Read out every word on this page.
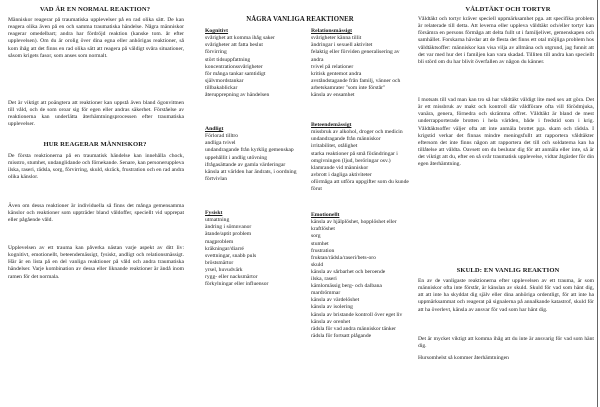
VAD ÄR EN NORMAL REAKTION?

Människor reagerar på traumatiska upplevelser på en rad olika sätt. De kan reagera olika även på en och samma traumatiska händelse. Några människor reagerar omedelbart; andra har fördröjd reaktion (kanske tom. år efter upplevelsen). Om du är orolig över dina egna eller anhörigas reaktioner, så kom ihåg att det finns en rad olika sätt att reagera på väldigt svåra situationer, såsom krigets fasor, som anses som normalt.

Det är viktigt att poängtera att reaktioner kan uppstå även bland ögonvittnen till våld, och de som oroar sig för egen eller andras säkerhet. Förståelse av reaktionerna kan underlätta återhämtningsprocessen efter traumatiska upplevelser.

HUR REAGERAR MÄNNISKOR?

De första reaktionerna på en traumatisk händelse kan innehålla chock, misstro, stumhet, undanglidande och förnekande. Senare, kan personerupplevа ilska, raseri, rädsla, sorg, förvirring, skuld, skräck, frustration och en rad andra olika känslor.

Även om dessa reaktioner är individuella så finns det många gemensamma känslor och reaktioner som uppträder bland våldoffer, speciellt vid upprepat eller pågående våld.

Upplevelsen av ett trauma kan påverka nästan varje aspekt av ditt liv: kognitivt, emotionellt, beteendemässigt, fysiskt, andligt och relationsmässigt. Här är en lista på en del vanliga reaktioner på våld och andra traumatiska händelser. Varje kombination av dessa eller liknande reaktioner är ändå inom ramen för det normala.

NÅGRA VANLIGA REAKTIONER
Kognitivt
svårighet att komma ihåg saker
svårigheter att fatta beslut
förvirring
stört tidsuppfattning
koncentrationssvårigheter
för många tankar samtidigt
självmordstankar
tillbakablickar
återupprepning av händelsen
Andligt
Förlorad tilltro
andliga tvivel
undandragande från kyrklig gemenskap
uppehållit i andlig utövning
ifrågasättande av gamla värderingar
känsla att världen har ändrats, i oordning
förtvivlan
Fysiskt
utmattning
ändring i sömnvanor
ätande/aptit problem
magproblem
kräkningar/diarré
svettningar, snabb puls
bröstsmärtor
yrsel, huvudvärk
rygg- eller nacksmärtor
förkylningar eller influensor
Relationsmässigt
svårigheter känna tillit
ändringar i sexuell aktivitet
felaktig eller förviden generalisering av andra
tvivel på relationer
kritisk gentemot andra
avståndstagande från familj, vänner och arbetskamrater "som inte förstår"
känsla av ensamhet
Beteendemässigt
missbruk av alkohol, droger och medicin
undandragande från människor
irritabilitet, otålighet
starka reaktioner på små förändringar i omgivningen (ljud, beröringar osv.)
klamrande vid människor
avbrott i dagliga aktiviteter
oförmåga att utföra uppgifter som du kunde förut
Emotionellt
känsla av hjälplöshet, hopplöshet eller kraftlöshet
sorg
stumhet
frustration
fruktan/rädsla/raseri/bets-oro
skuld
känsla av sårbarhet och beroende
ilska, raseri
kämlomässig berg- och dalbana
mardrömmar
känsla av värdelöshet
känsla av isolering
känsla av bristande kontroll över eget liv
känsla av orenhet
rädsla för vad andra människor tänker
rädsla för fortsatt plågande
VÅLDTÄKT OCH TORTYR

Våldtäkt och tortyr kräver speciell uppmärksamhet pga. att specifika problem är relaterade till detta. Att leverna eller uppleva våldtäkt och/eller tortyr kan försämra en persons förmåga att delta fullt ut i familjelivet, gemenskapen och samhället. Forskarna hävdar att de flesta det finns ett otal möjliga problem hos våldtäktsoffer: människor kan visa vilja av allmäna och utgrund, jag funnit att det var med hur det i familjen kan vara skadad. Tilliten till andra kan speciellt bli störd om du har blivit överfallen av någon du känner.

I motsats till vad man kan tro så har våldtäkt våldigt lite med sex att göra. Det är ett missbruk av makt och kontroll där våldförare ofta vill förödmjuka, vanära, genera, förnedra och skrämma offret. Våldtäkt är bland de mest underrapporterade brotten i hela världen, både i fredstid som i krig. Våldtäktsoffer väljer ofta att inte anmäla brottet pga. skam och rädsla. I krigstid verkar det finnas mindre meningsfullt att rapportera våldtäkter eftersom det inte finns någon att rapportera det till och soldaterna kan ha tillåtelse att våldta. Oavsett om du beslutar dig för att anmäla eller inte, så är det viktigt att du, efter en så svår traumatisk upplevelse, vidtar åtgärder för din egen återhämtning.

SKULD: EN VANLIG REAKTION

En av de vanligaste reaktionerna efter upplevelsen av ett trauma, är som människor ofta inte förstår, är känslan av skuld. Skuld för vad som hänt dig, att att inte ha skyddat dig själv eller dina anhöriga ordentligt, för att inte ha uppmärksammat och reagerat på signalerna på annalkande katastrof, skuld för att ha överlevt, känsla av ansvar för vad som har hänt dig.

Det är mycket viktigt att komma ihåg att du inte är ansvarig för vad som hänt dig.

Hursomhelst så kommer återhämtningen
